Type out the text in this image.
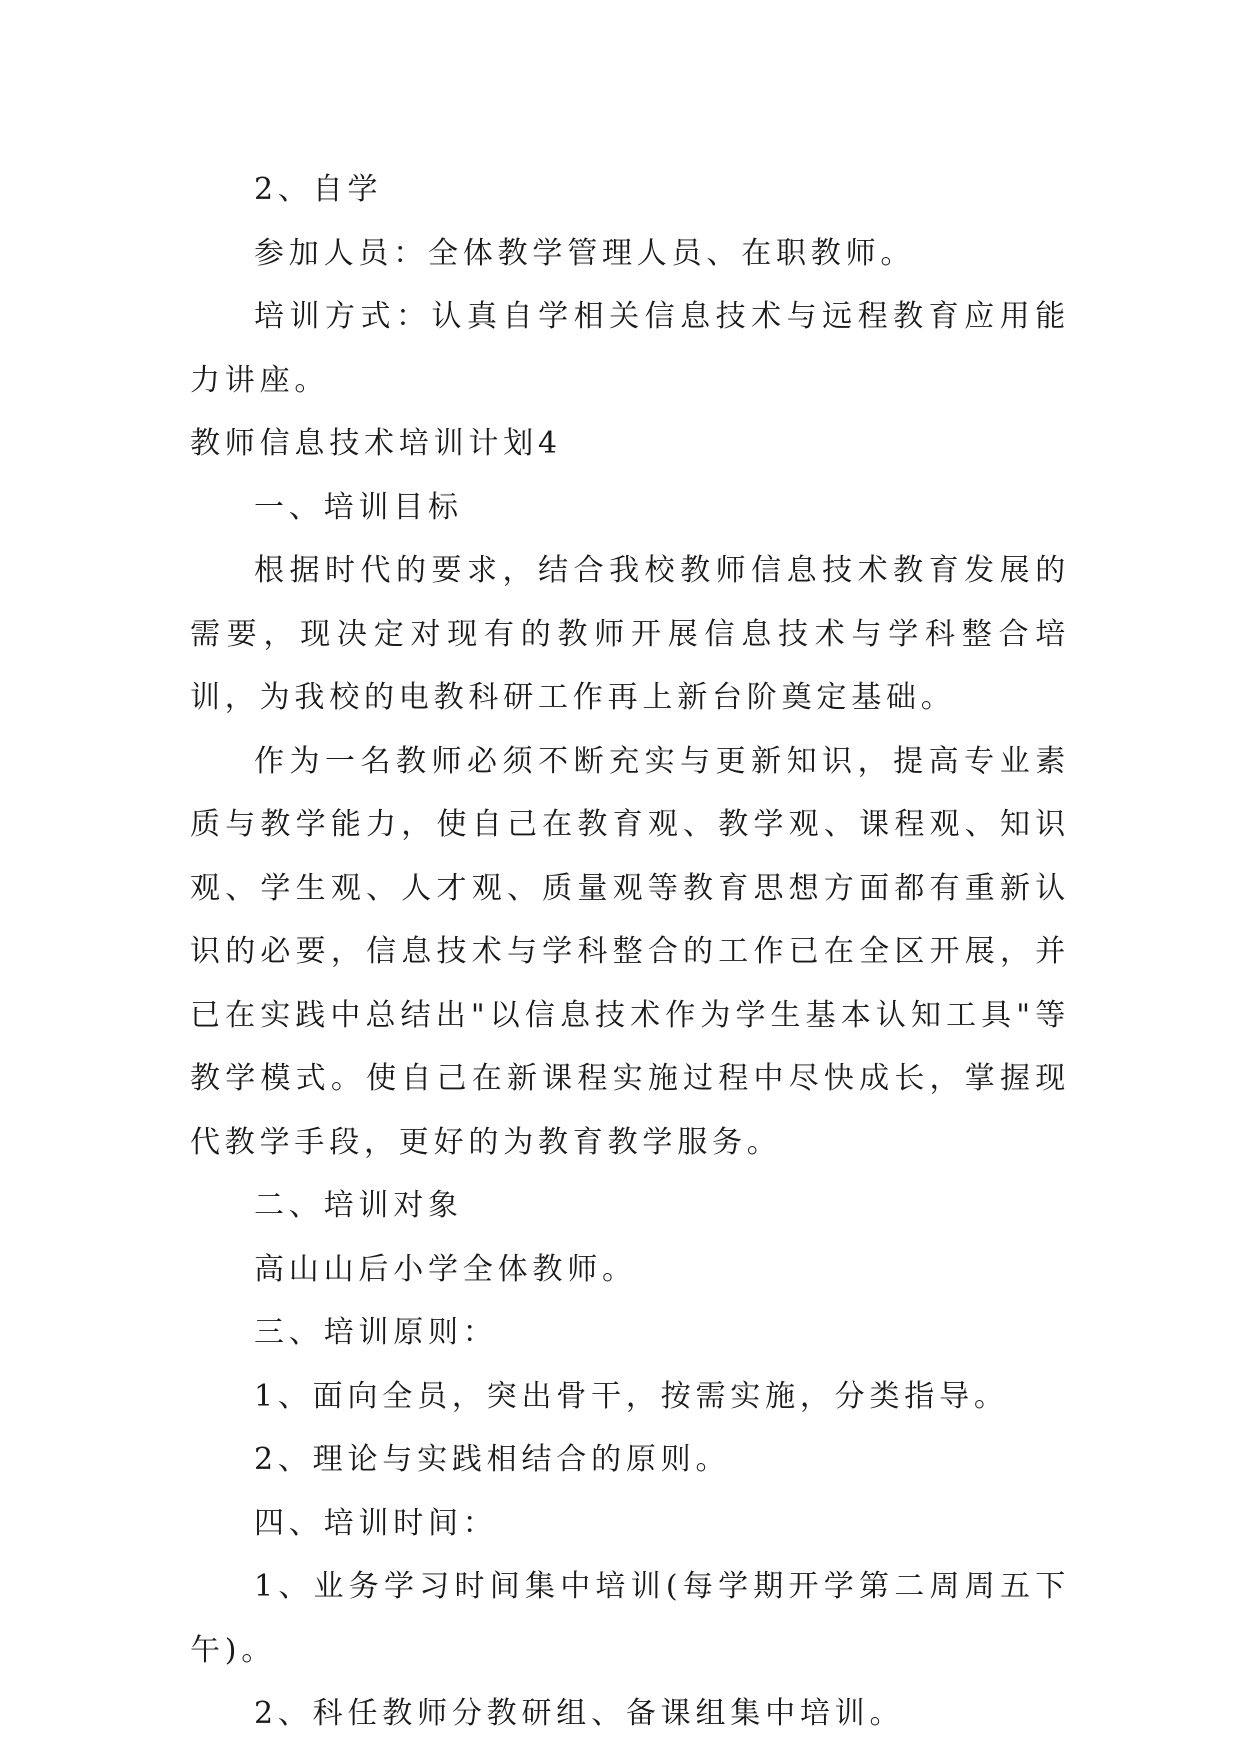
2、自学

参加人员：全体教学管理人员、在职教师。

培训方式：认真自学相关信息技术与远程教育应用能力讲座。

教师信息技术培训计划4

一、培训目标

根据时代的要求，结合我校教师信息技术教育发展的需要，现决定对现有的教师开展信息技术与学科整合培训，为我校的电教科研工作再上新台阶奠定基础。

作为一名教师必须不断充实与更新知识，提高专业素质与教学能力，使自己在教育观、教学观、课程观、知识观、学生观、人才观、质量观等教育思想方面都有重新认识的必要，信息技术与学科整合的工作已在全区开展，并已在实践中总结出"以信息技术作为学生基本认知工具"等教学模式。使自己在新课程实施过程中尽快成长，掌握现代教学手段，更好的为教育教学服务。

二、培训对象

高山山后小学全体教师。

三、培训原则：

1、面向全员，突出骨干，按需实施，分类指导。

2、理论与实践相结合的原则。

四、培训时间：

1、业务学习时间集中培训(每学期开学第二周周五下午)。

2、科任教师分教研组、备课组集中培训。
